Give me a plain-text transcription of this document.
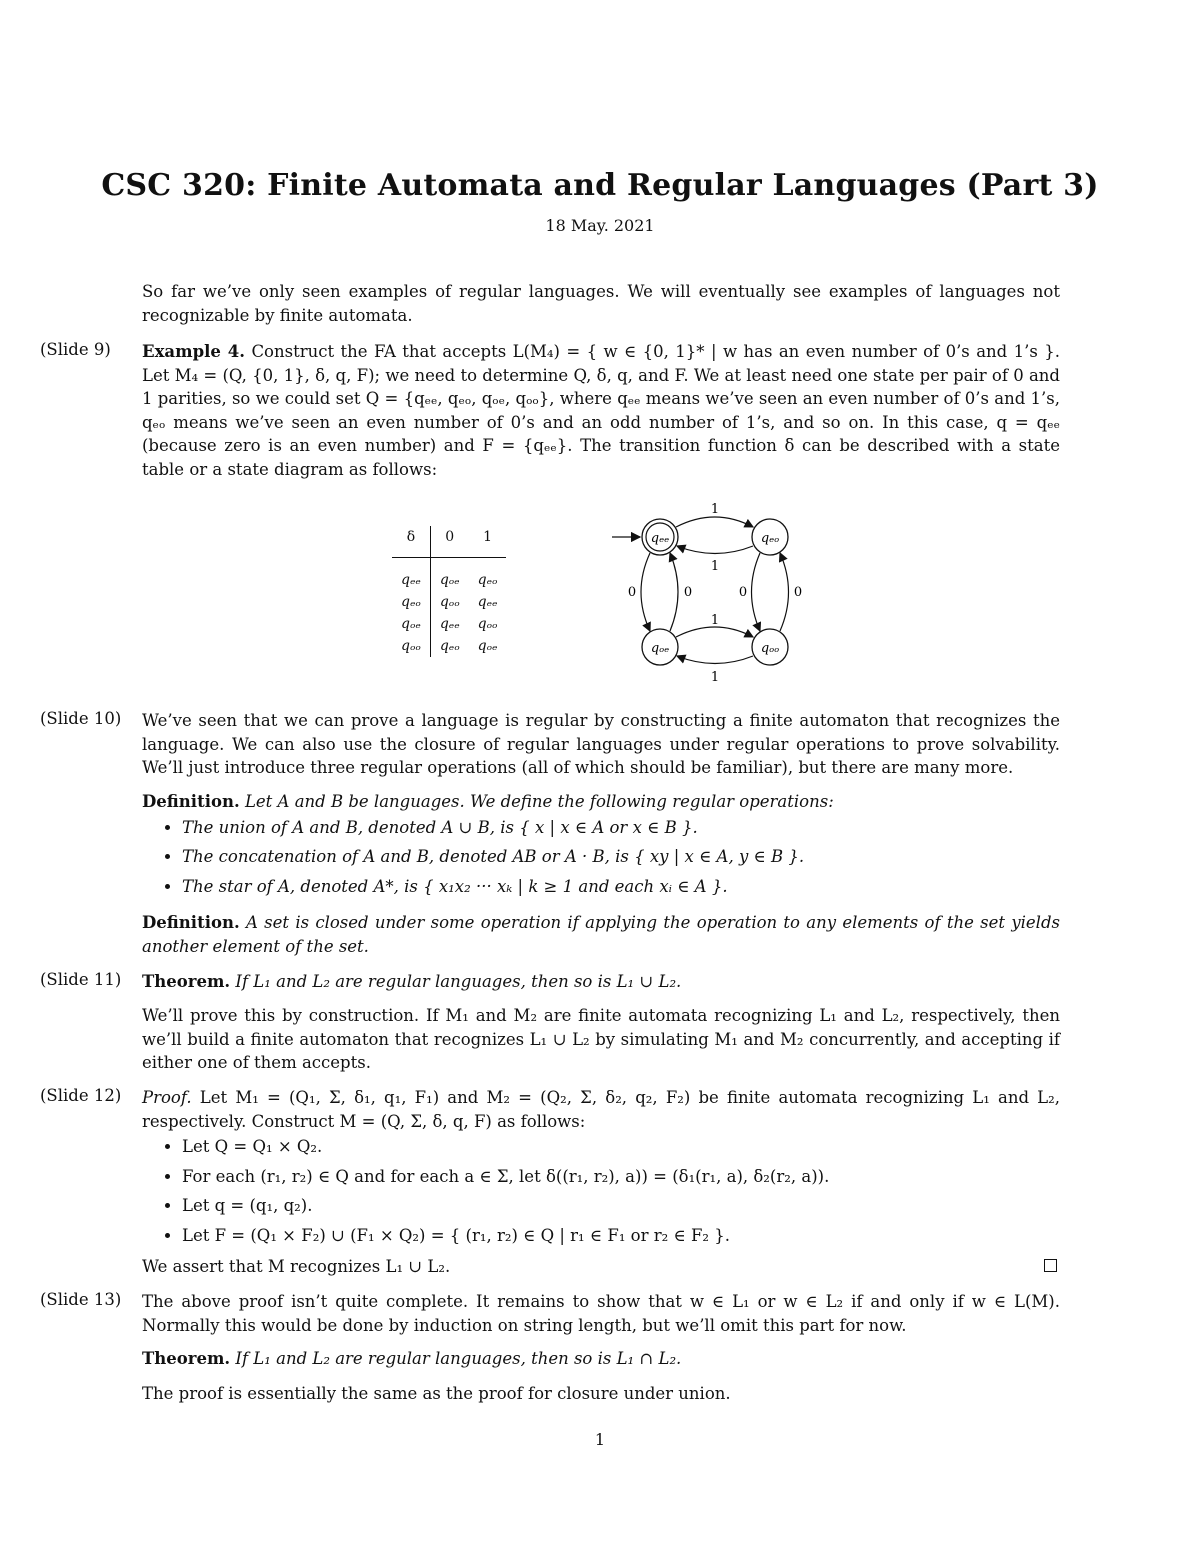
CSC 320: Finite Automata and Regular Languages (Part 3)
18 May. 2021
So far we’ve only seen examples of regular languages. We will eventually see examples of languages not recognizable by finite automata.
(Slide 9)	Example 4. Construct the FA that accepts L(M₄) = { w ∈ {0, 1}* | w has an even number of 0’s and 1’s }. Let M₄ = (Q, {0, 1}, δ, q, F); we need to determine Q, δ, q, and F. We at least need one state per pair of 0 and 1 parities, so we could set Q = {qₑₑ, qₑₒ, qₒₑ, qₒₒ}, where qₑₑ means we’ve seen an even number of 0’s and 1’s, qₑₒ means we’ve seen an even number of 0’s and an odd number of 1’s, and so on. In this case, q = qₑₑ (because zero is an even number) and F = {qₑₑ}. The transition function δ can be described with a state table or a state diagram as follows:
δ	0	1
qₑₑ	qₒₑ	qₑₒ
qₑₒ	qₒₒ	qₑₑ
qₒₑ	qₑₑ	qₒₒ
qₒₒ	qₑₒ	qₒₑ
qₑₑ	qₑₒ
qₒₑ	qₒₒ
1
1
1
1
0	0	0	0
(Slide 10)	We’ve seen that we can prove a language is regular by constructing a finite automaton that recognizes the language. We can also use the closure of regular languages under regular operations to prove solvability. We’ll just introduce three regular operations (all of which should be familiar), but there are many more.
Definition. Let A and B be languages. We define the following regular operations:
• The union of A and B, denoted A ∪ B, is { x | x ∈ A or x ∈ B }.
• The concatenation of A and B, denoted AB or A · B, is { xy | x ∈ A, y ∈ B }.
• The star of A, denoted A*, is { x₁x₂ ··· xₖ | k ≥ 1 and each xᵢ ∈ A }.
Definition. A set is closed under some operation if applying the operation to any elements of the set yields another element of the set.
(Slide 11)	Theorem. If L₁ and L₂ are regular languages, then so is L₁ ∪ L₂.
We’ll prove this by construction. If M₁ and M₂ are finite automata recognizing L₁ and L₂, respectively, then we’ll build a finite automaton that recognizes L₁ ∪ L₂ by simulating M₁ and M₂ concurrently, and accepting if either one of them accepts.
(Slide 12)	Proof. Let M₁ = (Q₁, Σ, δ₁, q₁, F₁) and M₂ = (Q₂, Σ, δ₂, q₂, F₂) be finite automata recognizing L₁ and L₂, respectively. Construct M = (Q, Σ, δ, q, F) as follows:
• Let Q = Q₁ × Q₂.
• For each (r₁, r₂) ∈ Q and for each a ∈ Σ, let δ((r₁, r₂), a)) = (δ₁(r₁, a), δ₂(r₂, a)).
• Let q = (q₁, q₂).
• Let F = (Q₁ × F₂) ∪ (F₁ × Q₂) = { (r₁, r₂) ∈ Q | r₁ ∈ F₁ or r₂ ∈ F₂ }.
We assert that M recognizes L₁ ∪ L₂.
(Slide 13)	The above proof isn’t quite complete. It remains to show that w ∈ L₁ or w ∈ L₂ if and only if w ∈ L(M). Normally this would be done by induction on string length, but we’ll omit this part for now.
Theorem. If L₁ and L₂ are regular languages, then so is L₁ ∩ L₂.
The proof is essentially the same as the proof for closure under union.
1
